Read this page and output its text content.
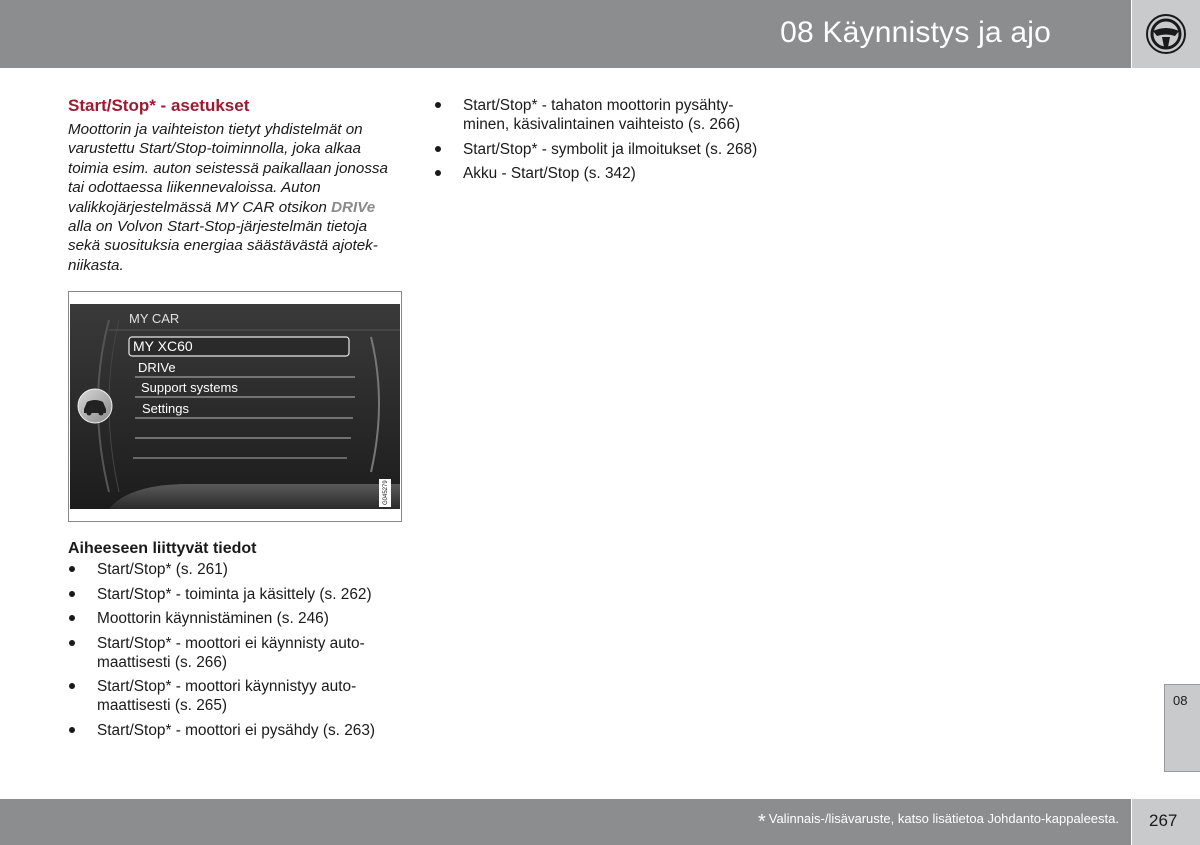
08 Käynnistys ja ajo
Start/Stop* - asetukset

Moottorin ja vaihteiston tietyt yhdistelmät on varustettu Start/Stop-toiminnolla, joka alkaa toimia esim. auton seistessä paikallaan jonossa tai odottaessa liikennevaloissa. Auton valikkojärjestelmässä MY CAR otsikon DRIVe alla on Volvon Start-Stop-järjestelmän tietoja sekä suosituksia energiaa säästävästä ajotekniikasta.

MY CAR
MY XC60
DRIVe
Support systems
Settings
G045279
Aiheeseen liittyvät tiedot
Start/Stop* (s. 261)
Start/Stop* - toiminta ja käsittely (s. 262)
Moottorin käynnistäminen (s. 246)
Start/Stop* - moottori ei käynnisty automaattisesti (s. 266)
Start/Stop* - moottori käynnistyy automaattisesti (s. 265)
Start/Stop* - moottori ei pysähdy (s. 263)
Start/Stop* - tahaton moottorin pysähtyminen, käsivalintainen vaihteisto (s. 266)
Start/Stop* - symbolit ja ilmoitukset (s. 268)
Akku - Start/Stop (s. 342)
08
* Valinnais-/lisävaruste, katso lisätietoa Johdanto-kappaleesta. 267
